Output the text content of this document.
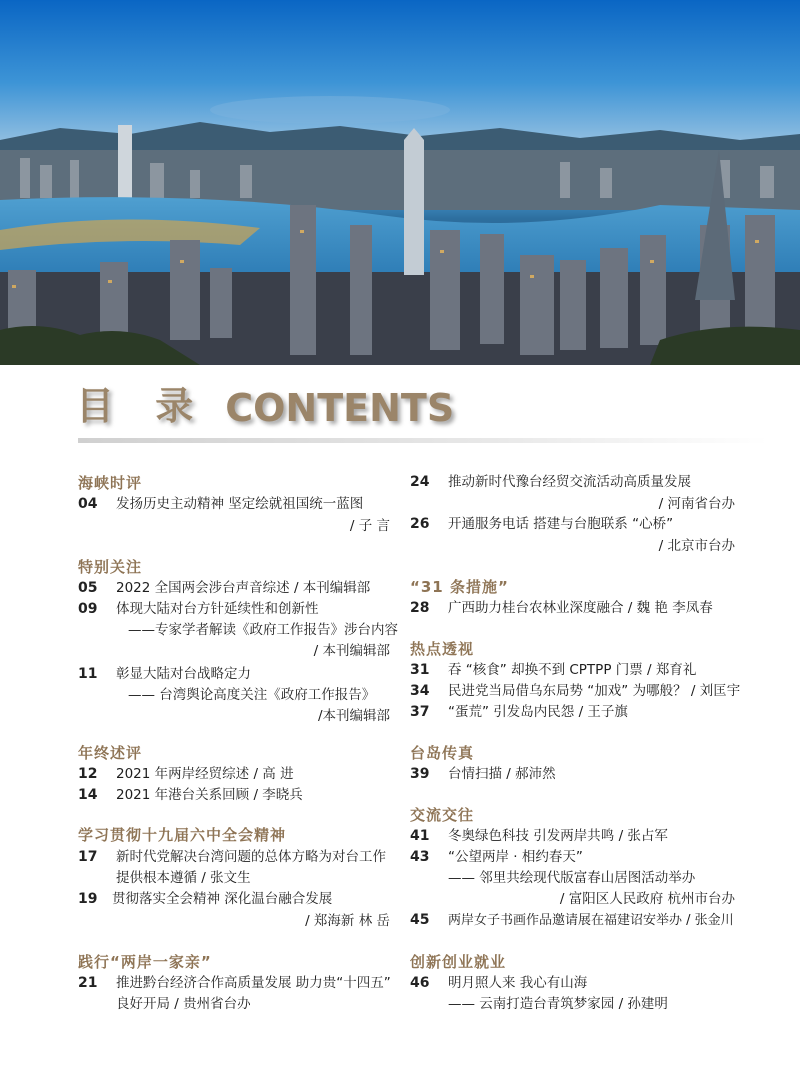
目 录 CONTENTS
海峡时评
04 发扬历史主动精神 坚定绘就祖国统一蓝图
/ 子 言
特别关注
05 2022 全国两会涉台声音综述 / 本刊编辑部
09 体现大陆对台方针延续性和创新性
——专家学者解读《政府工作报告》涉台内容
/ 本刊编辑部
11 彰显大陆对台战略定力
—— 台湾舆论高度关注《政府工作报告》
/本刊编辑部
年终述评
12 2021 年两岸经贸综述 / 高 进
14 2021 年港台关系回顾 / 李晓兵
学习贯彻十九届六中全会精神
17 新时代党解决台湾问题的总体方略为对台工作
提供根本遵循 / 张文生
19 贯彻落实全会精神 深化温台融合发展
/ 郑海新 林 岳
践行“两岸一家亲”
21 推进黔台经济合作高质量发展 助力贵“十四五”
良好开局 / 贵州省台办
24 推动新时代豫台经贸交流活动高质量发展
/ 河南省台办
26 开通服务电话 搭建与台胞联系 “心桥”
/ 北京市台办
“31 条措施”
28 广西助力桂台农林业深度融合 / 魏 艳 李凤春
热点透视
31 吞 “核食” 却换不到 CPTPP 门票 / 郑育礼
34 民进党当局借乌东局势 “加戏” 为哪般？ / 刘匡宇
37 “蛋荒” 引发岛内民怨 / 王子旗
台岛传真
39 台情扫描 / 郝沛然
交流交往
41 冬奥绿色科技 引发两岸共鸣 / 张占军
43 “公望两岸 · 相约春天”
—— 邻里共绘现代版富春山居图活动举办
/ 富阳区人民政府 杭州市台办
45 两岸女子书画作品邀请展在福建诏安举办 / 张金川
创新创业就业
46 明月照人来 我心有山海
—— 云南打造台青筑梦家园 / 孙建明
